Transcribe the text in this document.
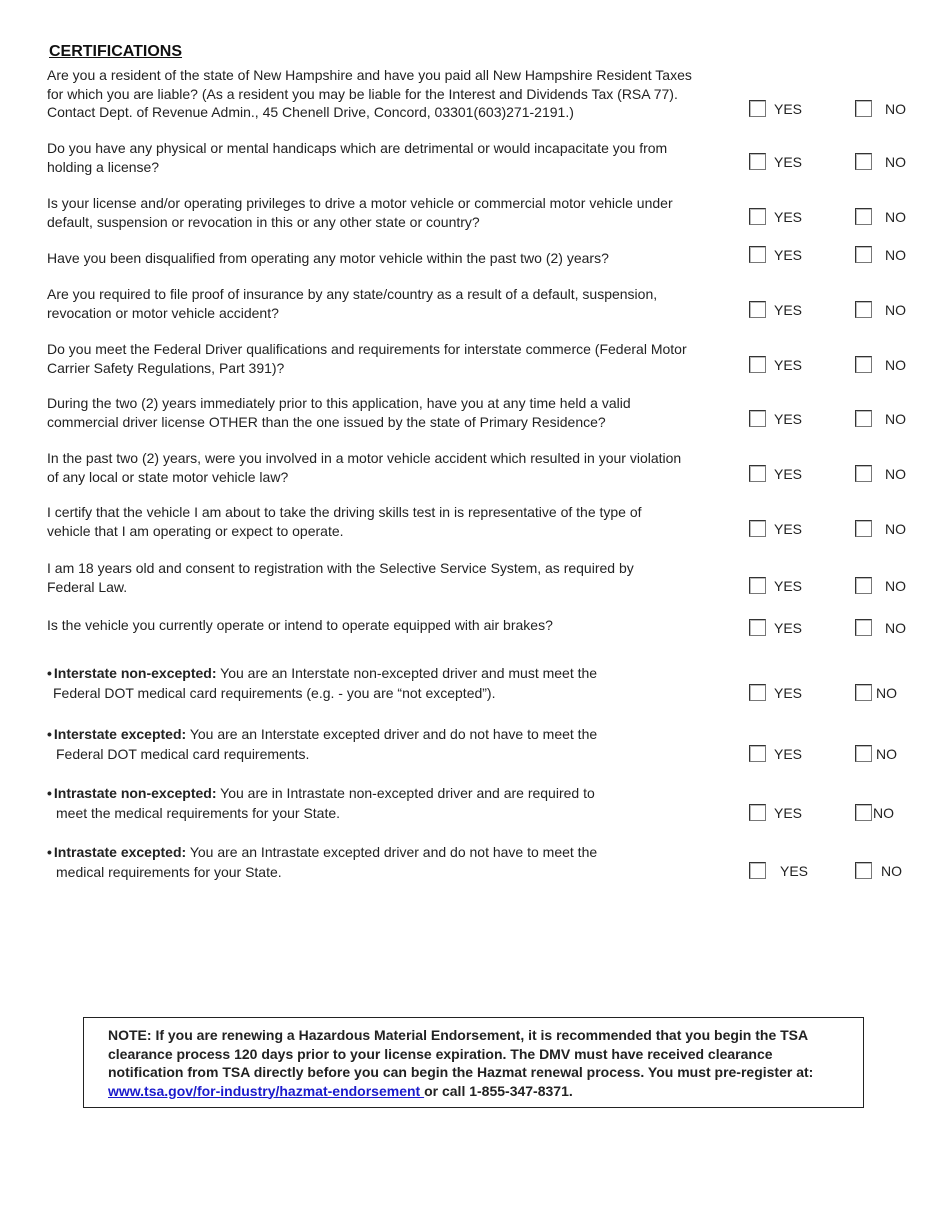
CERTIFICATIONS
Are you a resident of the state of New Hampshire and have you paid all New Hampshire Resident Taxes
for which you are liable? (As a resident you may be liable for the Interest and Dividends Tax (RSA 77).
Contact Dept. of Revenue Admin., 45 Chenell Drive, Concord, 03301(603)271-2191.)	YES	NO
Do you have any physical or mental handicaps which are detrimental or would incapacitate you from
holding a license?	YES	NO
Is your license and/or operating privileges to drive a motor vehicle or commercial motor vehicle under
default, suspension or revocation in this or any other state or country?	YES	NO
Have you been disqualified from operating any motor vehicle within the past two (2) years?	YES	NO
Are you required to file proof of insurance by any state/country as a result of a default, suspension,
revocation or motor vehicle accident?	YES	NO
Do you meet the Federal Driver qualifications and requirements for interstate commerce (Federal Motor
Carrier Safety Regulations, Part 391)?	YES	NO
During the two (2) years immediately prior to this application, have you at any time held a valid
commercial driver license OTHER than the one issued by the state of Primary Residence?	YES	NO
In the past two (2) years, were you involved in a motor vehicle accident which resulted in your violation
of any local or state motor vehicle law?	YES	NO
I certify that the vehicle I am about to take the driving skills test in is representative of the type of
vehicle that I am operating or expect to operate.	YES	NO
I am 18 years old and consent to registration with the Selective Service System, as required by
Federal Law.	YES	NO
Is the vehicle you currently operate or intend to operate equipped with air brakes?	YES	NO
• Interstate non-excepted: You are an Interstate non-excepted driver and must meet the
Federal DOT medical card requirements (e.g. - you are “not excepted”).	YES	NO
• Interstate excepted: You are an Interstate excepted driver and do not have to meet the
Federal DOT medical card requirements.	YES	NO
• Intrastate non-excepted: You are in Intrastate non-excepted driver and are required to
meet the medical requirements for your State.	YES	NO
• Intrastate excepted: You are an Intrastate excepted driver and do not have to meet the
medical requirements for your State.	YES	NO
NOTE: If you are renewing a Hazardous Material Endorsement, it is recommended that you begin the TSA clearance process 120 days prior to your license expiration. The DMV must have received clearance notification from TSA directly before you can begin the Hazmat renewal process. You must pre-register at: www.tsa.gov/for-industry/hazmat-endorsement or call 1-855-347-8371.
